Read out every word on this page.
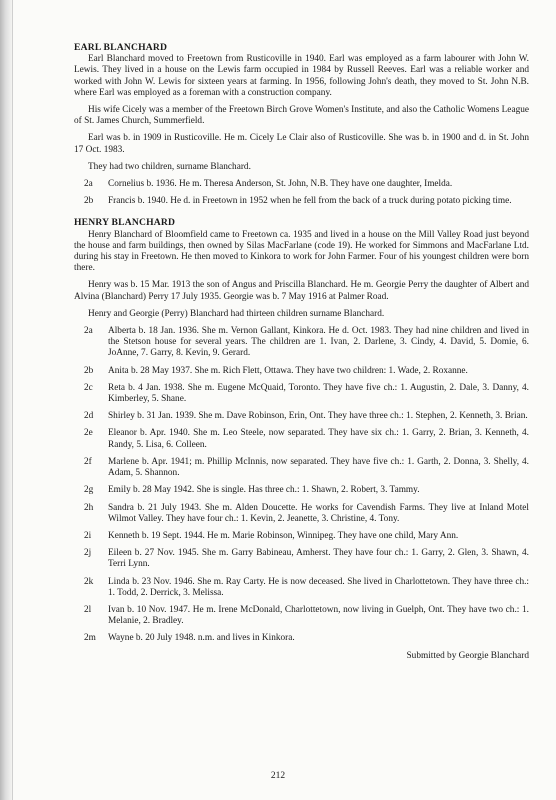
EARL BLANCHARD

Earl Blanchard moved to Freetown from Rusticoville in 1940. Earl was employed as a farm labourer with John W. Lewis. They lived in a house on the Lewis farm occupied in 1984 by Russell Reeves. Earl was a reliable worker and worked with John W. Lewis for sixteen years at farming. In 1956, following John's death, they moved to St. John N.B. where Earl was employed as a foreman with a construction company.

His wife Cicely was a member of the Freetown Birch Grove Women's Institute, and also the Catholic Womens League of St. James Church, Summerfield.

Earl was b. in 1909 in Rusticoville. He m. Cicely Le Clair also of Rusticoville. She was b. in 1900 and d. in St. John 17 Oct. 1983.

They had two children, surname Blanchard.

2a	Cornelius b. 1936. He m. Theresa Anderson, St. John, N.B. They have one daughter, Imelda.
2b	Francis b. 1940. He d. in Freetown in 1952 when he fell from the back of a truck during potato picking time.
HENRY BLANCHARD

Henry Blanchard of Bloomfield came to Freetown ca. 1935 and lived in a house on the Mill Valley Road just beyond the house and farm buildings, then owned by Silas MacFarlane (code 19). He worked for Simmons and MacFarlane Ltd. during his stay in Freetown. He then moved to Kinkora to work for John Farmer. Four of his youngest children were born there.

Henry was b. 15 Mar. 1913 the son of Angus and Priscilla Blanchard. He m. Georgie Perry the daughter of Albert and Alvina (Blanchard) Perry 17 July 1935. Georgie was b. 7 May 1916 at Palmer Road.

Henry and Georgie (Perry) Blanchard had thirteen children surname Blanchard.

2a	Alberta b. 18 Jan. 1936. She m. Vernon Gallant, Kinkora. He d. Oct. 1983. They had nine children and lived in the Stetson house for several years. The children are 1. Ivan, 2. Darlene, 3. Cindy, 4. David, 5. Domie, 6. JoAnne, 7. Garry, 8. Kevin, 9. Gerard.
2b	Anita b. 28 May 1937. She m. Rich Flett, Ottawa. They have two children: 1. Wade, 2. Roxanne.
2c	Reta b. 4 Jan. 1938. She m. Eugene McQuaid, Toronto. They have five ch.: 1. Augustin, 2. Dale, 3. Danny, 4. Kimberley, 5. Shane.
2d	Shirley b. 31 Jan. 1939. She m. Dave Robinson, Erin, Ont. They have three ch.: 1. Stephen, 2. Kenneth, 3. Brian.
2e	Eleanor b. Apr. 1940. She m. Leo Steele, now separated. They have six ch.: 1. Garry, 2. Brian, 3. Kenneth, 4. Randy, 5. Lisa, 6. Colleen.
2f	Marlene b. Apr. 1941; m. Phillip McInnis, now separated. They have five ch.: 1. Garth, 2. Donna, 3. Shelly, 4. Adam, 5. Shannon.
2g	Emily b. 28 May 1942. She is single. Has three ch.: 1. Shawn, 2. Robert, 3. Tammy.
2h	Sandra b. 21 July 1943. She m. Alden Doucette. He works for Cavendish Farms. They live at Inland Motel Wilmot Valley. They have four ch.: 1. Kevin, 2. Jeanette, 3. Christine, 4. Tony.
2i	Kenneth b. 19 Sept. 1944. He m. Marie Robinson, Winnipeg. They have one child, Mary Ann.
2j	Eileen b. 27 Nov. 1945. She m. Garry Babineau, Amherst. They have four ch.: 1. Garry, 2. Glen, 3. Shawn, 4. Terri Lynn.
2k	Linda b. 23 Nov. 1946. She m. Ray Carty. He is now deceased. She lived in Charlottetown. They have three ch.: 1. Todd, 2. Derrick, 3. Melissa.
2l	Ivan b. 10 Nov. 1947. He m. Irene McDonald, Charlottetown, now living in Guelph, Ont. They have two ch.: 1. Melanie, 2. Bradley.
2m	Wayne b. 20 July 1948. n.m. and lives in Kinkora.
Submitted by Georgie Blanchard
212
